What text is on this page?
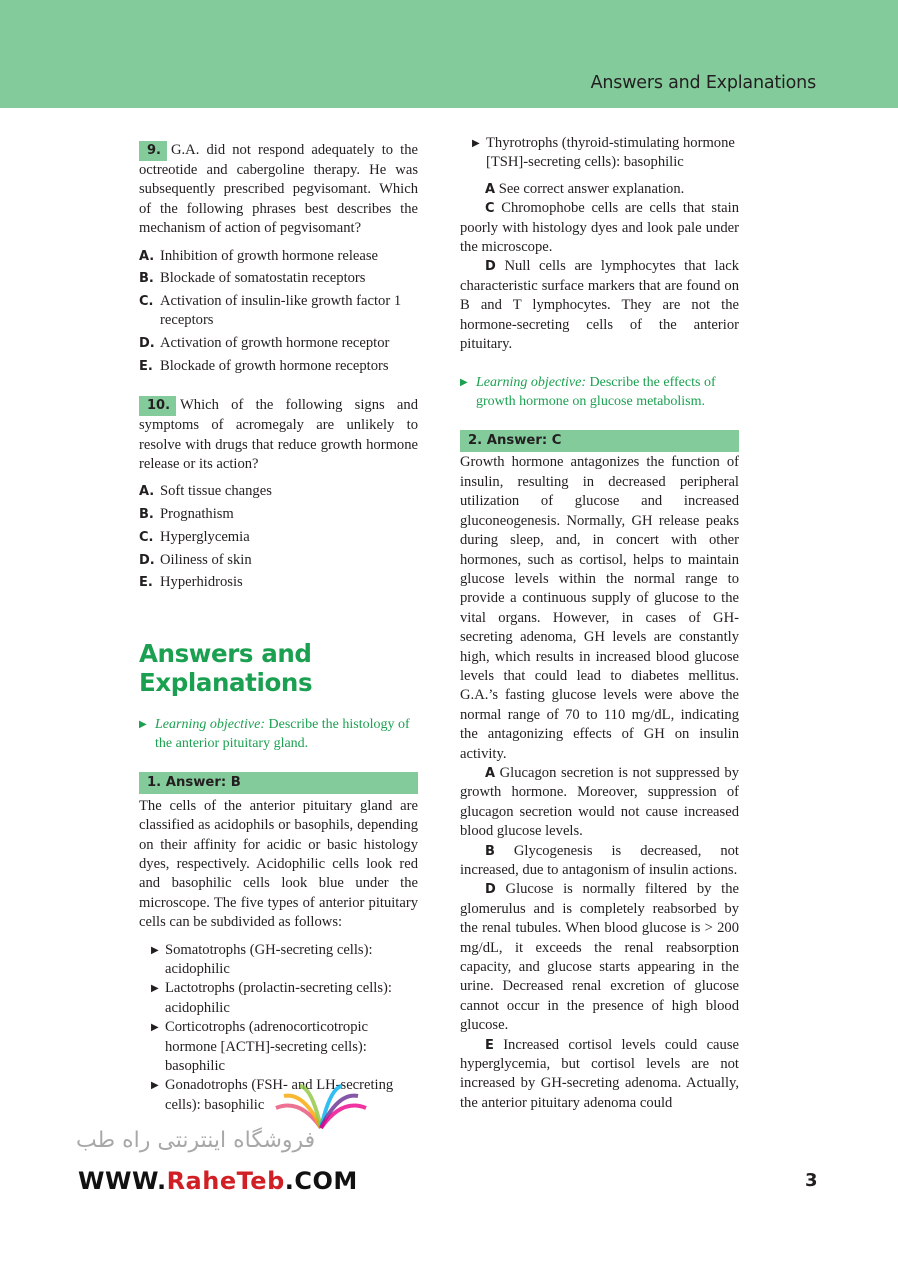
Answers and Explanations

9. G.A. did not respond adequately to the octreotide and cabergoline therapy. He was subsequently prescribed pegvisomant. Which of the following phrases best describes the mechanism of action of pegvisomant?

A. Inhibition of growth hormone release
B. Blockade of somatostatin receptors
C. Activation of insulin-like growth factor 1 receptors
D. Activation of growth hormone receptor
E. Blockade of growth hormone receptors

10. Which of the following signs and symptoms of acromegaly are unlikely to resolve with drugs that reduce growth hormone release or its action?

A. Soft tissue changes
B. Prognathism
C. Hyperglycemia
D. Oiliness of skin
E. Hyperhidrosis

Answers and

Explanations

▶ Learning objective: Describe the histology of the anterior pituitary gland.
1. Answer: B

The cells of the anterior pituitary gland are classified as acidophils or basophils, depending on their affinity for acidic or basic histology dyes, respectively. Acidophilic cells look red and basophilic cells look blue under the microscope. The five types of anterior pituitary cells can be subdivided as follows:

▶ Somatotrophs (GH-secreting cells): acidophilic
▶ Lactotrophs (prolactin-secreting cells): acidophilic
▶ Corticotrophs (adrenocorticotropic hormone [ACTH]-secreting cells): basophilic
▶ Gonadotrophs (FSH- and LH-secreting cells): basophilic
▶ Thyrotrophs (thyroid-stimulating hormone [TSH]-secreting cells): basophilic

A See correct answer explanation.

C Chromophobe cells are cells that stain poorly with histology dyes and look pale under the microscope.

D Null cells are lymphocytes that lack characteristic surface markers that are found on B and T lymphocytes. They are not the hormone-secreting cells of the anterior pituitary.

▶ Learning objective: Describe the effects of growth hormone on glucose metabolism.
2. Answer: C

Growth hormone antagonizes the function of insulin, resulting in decreased peripheral utilization of glucose and increased gluconeogenesis. Normally, GH release peaks during sleep, and, in concert with other hormones, such as cortisol, helps to maintain glucose levels within the normal range to provide a continuous supply of glucose to the vital organs. However, in cases of GH-secreting adenoma, GH levels are constantly high, which results in increased blood glucose levels that could lead to diabetes mellitus. G.A.’s fasting glucose levels were above the normal range of 70 to 110 mg/dL, indicating the antagonizing effects of GH on insulin activity.

A Glucagon secretion is not suppressed by growth hormone. Moreover, suppression of glucagon secretion would not cause increased blood glucose levels.

B Glycogenesis is decreased, not increased, due to antagonism of insulin actions.

D Glucose is normally filtered by the glomerulus and is completely reabsorbed by the renal tubules. When blood glucose is > 200 mg/dL, it exceeds the renal reabsorption capacity, and glucose starts appearing in the urine. Decreased renal excretion of glucose cannot occur in the presence of high blood glucose.

E Increased cortisol levels could cause hyperglycemia, but cortisol levels are not increased by GH-secreting adenoma. Actually, the anterior pituitary adenoma could

3
فروشگاه اینترنتی راه طب
WWW.RaheTeb.COM
